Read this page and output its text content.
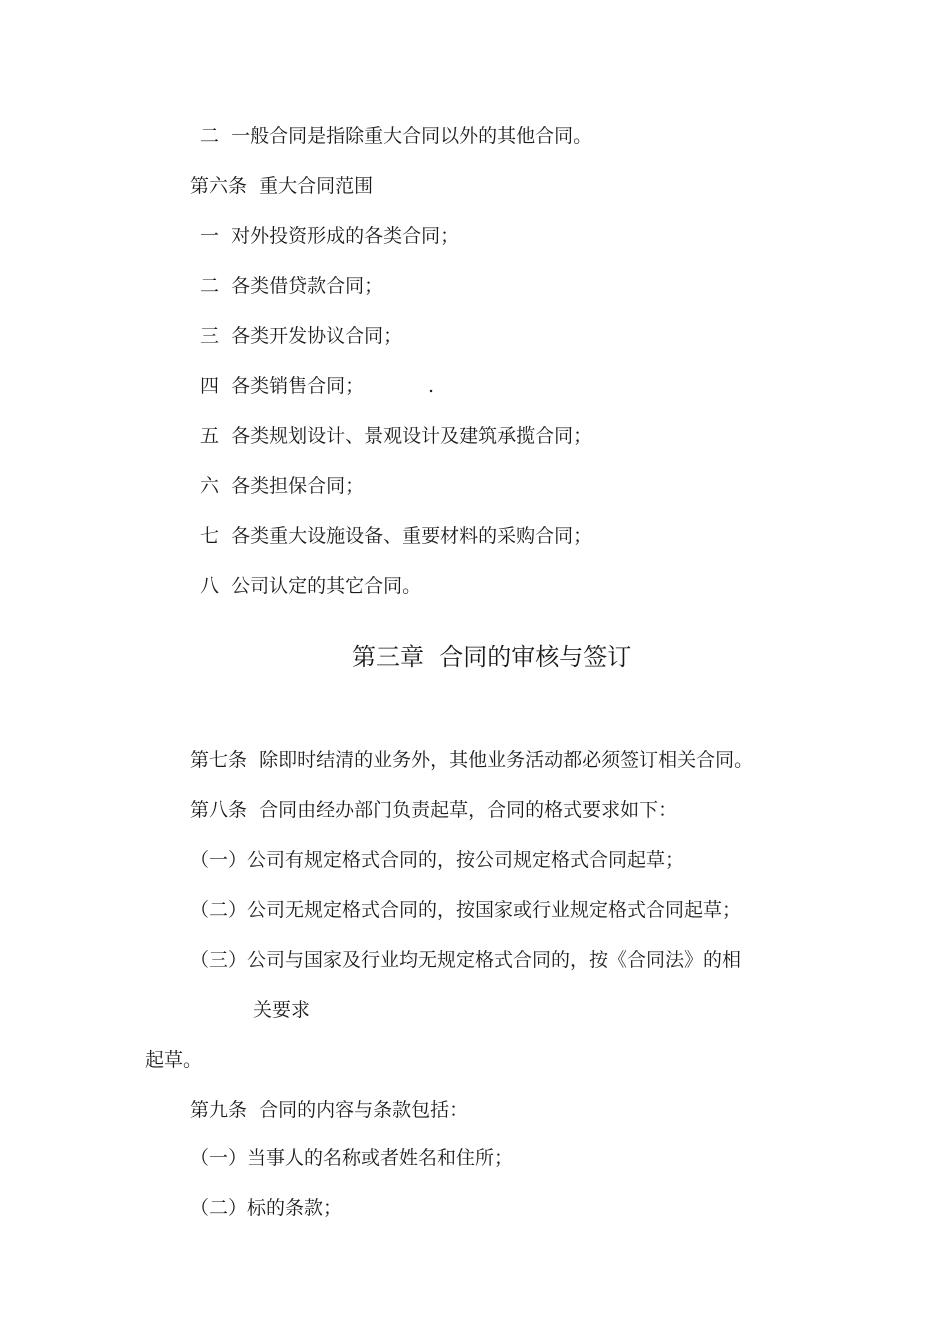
二 一般合同是指除重大合同以外的其他合同。

第六条 重大合同范围

一 对外投资形成的各类合同；

二 各类借贷款合同；

三 各类开发协议合同；

四 各类销售合同；	.

五 各类规划设计、景观设计及建筑承揽合同；

六 各类担保合同；

七 各类重大设施设备、重要材料的采购合同；

八 公司认定的其它合同。

第三章 合同的审核与签订

第七条 除即时结清的业务外，其他业务活动都必须签订相关合同。

第八条 合同由经办部门负责起草，合同的格式要求如下：

（一）公司有规定格式合同的，按公司规定格式合同起草；

（二）公司无规定格式合同的，按国家或行业规定格式合同起草；

（三）公司与国家及行业均无规定格式合同的，按《合同法》的相

关要求

起草。

第九条 合同的内容与条款包括：

（一）当事人的名称或者姓名和住所；

（二）标的条款；
